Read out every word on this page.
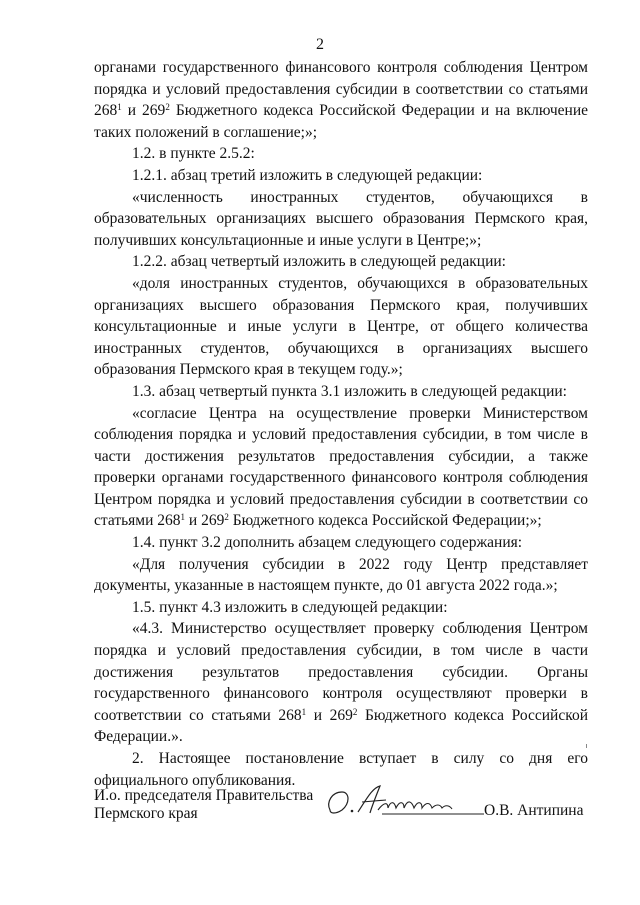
2

органами государственного финансового контроля соблюдения Центром порядка и условий предоставления субсидии в соответствии со статьями $268^1$ и $269^2$ Бюджетного кодекса Российской Федерации и на включение таких положений в соглашение;»;

1.2. в пункте 2.5.2:

1.2.1. абзац третий изложить в следующей редакции:

«численность иностранных студентов, обучающихся в образовательных организациях высшего образования Пермского края, получивших консультационные и иные услуги в Центре;»;

1.2.2. абзац четвертый изложить в следующей редакции:

«доля иностранных студентов, обучающихся в образовательных организациях высшего образования Пермского края, получивших консультационные и иные услуги в Центре, от общего количества иностранных студентов, обучающихся в организациях высшего образования Пермского края в текущем году.»;

1.3. абзац четвертый пункта 3.1 изложить в следующей редакции:

«согласие Центра на осуществление проверки Министерством соблюдения порядка и условий предоставления субсидии, в том числе в части достижения результатов предоставления субсидии, а также проверки органами государственного финансового контроля соблюдения Центром порядка и условий предоставления субсидии в соответствии со статьями $268^1$ и $269^2$ Бюджетного кодекса Российской Федерации;»;

1.4. пункт 3.2 дополнить абзацем следующего содержания:

«Для получения субсидии в 2022 году Центр представляет документы, указанные в настоящем пункте, до 01 августа 2022 года.»;

1.5. пункт 4.3 изложить в следующей редакции:

«4.3. Министерство осуществляет проверку соблюдения Центром порядка и условий предоставления субсидии, в том числе в части достижения результатов предоставления субсидии. Органы государственного финансового контроля осуществляют проверки в соответствии со статьями $268^1$ и $269^2$ Бюджетного кодекса Российской Федерации.».

2. Настоящее постановление вступает в силу со дня его официального опубликования.

И.о. председателя Правительства
Пермского края	О.В. Антипина
